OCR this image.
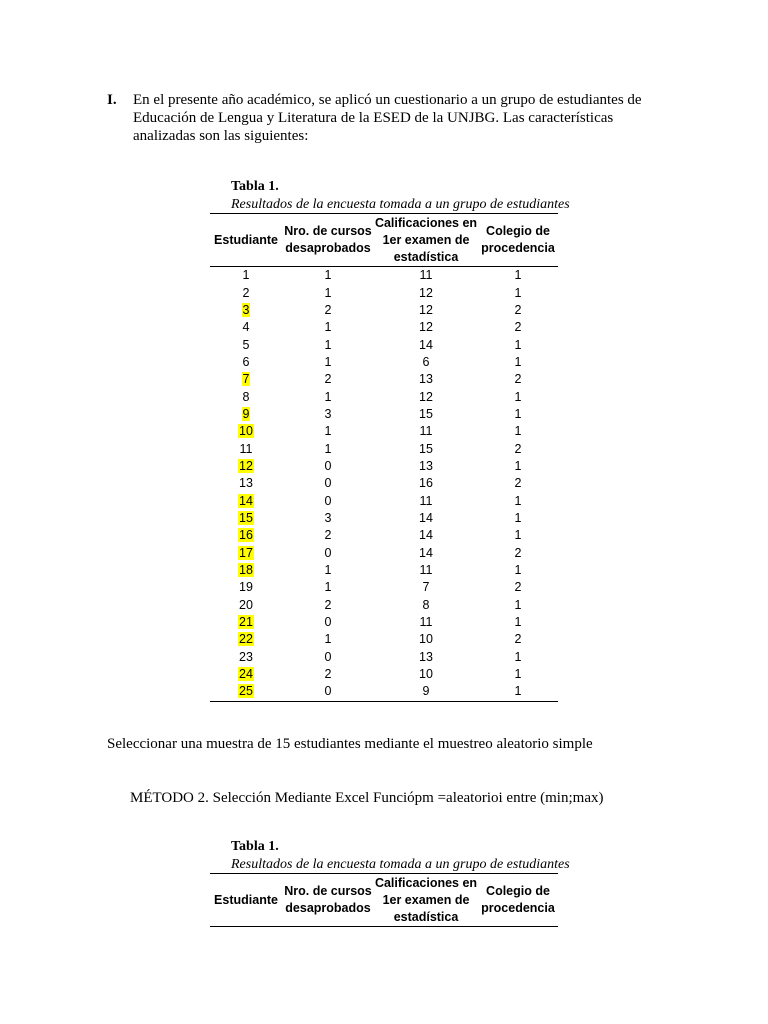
I. En el presente año académico, se aplicó un cuestionario a un grupo de estudiantes de Educación de Lengua y Literatura de la ESED de la UNJBG. Las características analizadas son las siguientes:
Tabla 1.
Resultados de la encuesta tomada a un grupo de estudiantes
Estudiante	Nro. de cursos desaprobados	Calificaciones en 1er examen de estadística	Colegio de procedencia
1	1	11	1
2	1	12	1
3	2	12	2
4	1	12	2
5	1	14	1
6	1	6	1
7	2	13	2
8	1	12	1
9	3	15	1
10	1	11	1
11	1	15	2
12	0	13	1
13	0	16	2
14	0	11	1
15	3	14	1
16	2	14	1
17	0	14	2
18	1	11	1
19	1	7	2
20	2	8	1
21	0	11	1
22	1	10	2
23	0	13	1
24	2	10	1
25	0	9	1
Seleccionar una muestra de 15 estudiantes mediante el muestreo aleatorio simple
MÉTODO 2. Selección Mediante Excel Funciópm =aleatorioi entre (min;max)
Tabla 1.
Resultados de la encuesta tomada a un grupo de estudiantes
Estudiante	Nro. de cursos desaprobados	Calificaciones en 1er examen de estadística	Colegio de procedencia
